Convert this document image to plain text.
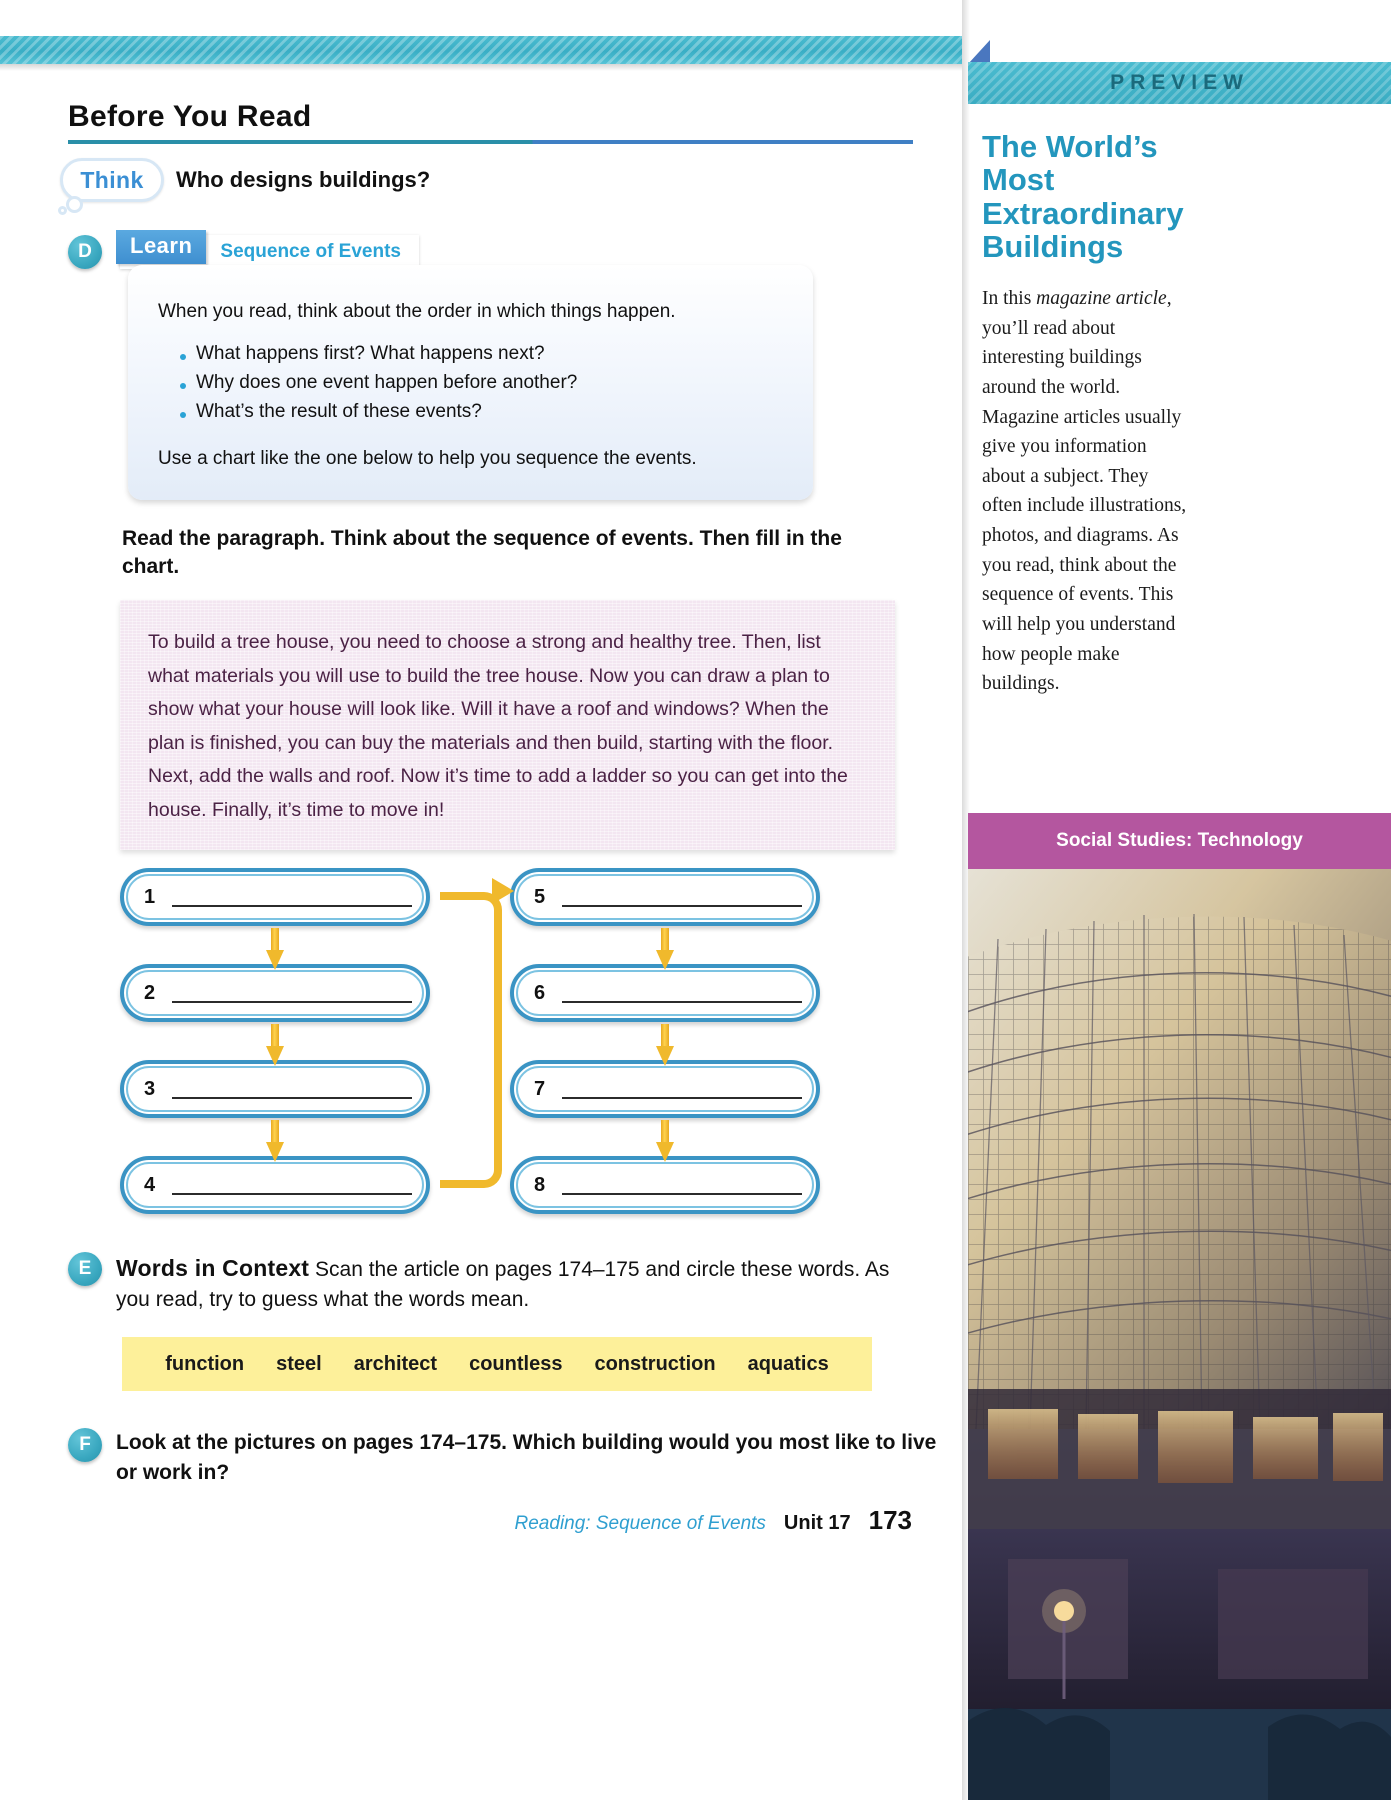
Before You Read
Think Who designs buildings?
D	Learn	Sequence of Events

When you read, think about the order in which things happen.

What happens first? What happens next?
Why does one event happen before another?
What’s the result of these events?

Use a chart like the one below to help you sequence the events.

Read the paragraph. Think about the sequence of events. Then fill in the chart.

To build a tree house, you need to choose a strong and healthy tree. Then, list what materials you will use to build the tree house. Now you can draw a plan to show what your house will look like. Will it have a roof and windows? When the plan is finished, you can buy the materials and then build, starting with the floor. Next, add the walls and roof. Now it’s time to add a ladder so you can get into the house. Finally, it’s time to move in!

1
2
3
4
5
6
7
8
E	Words in Context Scan the article on pages 174–175 and circle these words. As you read, try to guess what the words mean.
function steel architect countless construction aquatics
F	Look at the pictures on pages 174–175. Which building would you most like to live or work in?
Reading: Sequence of Events Unit 17 173
PREVIEW
The World’s Most Extraordinary Buildings
In this magazine article, you’ll read about interesting buildings around the world. Magazine articles usually give you information about a subject. They often include illustrations, photos, and diagrams. As you read, think about the sequence of events. This will help you understand how people make buildings.
Social Studies: Technology
